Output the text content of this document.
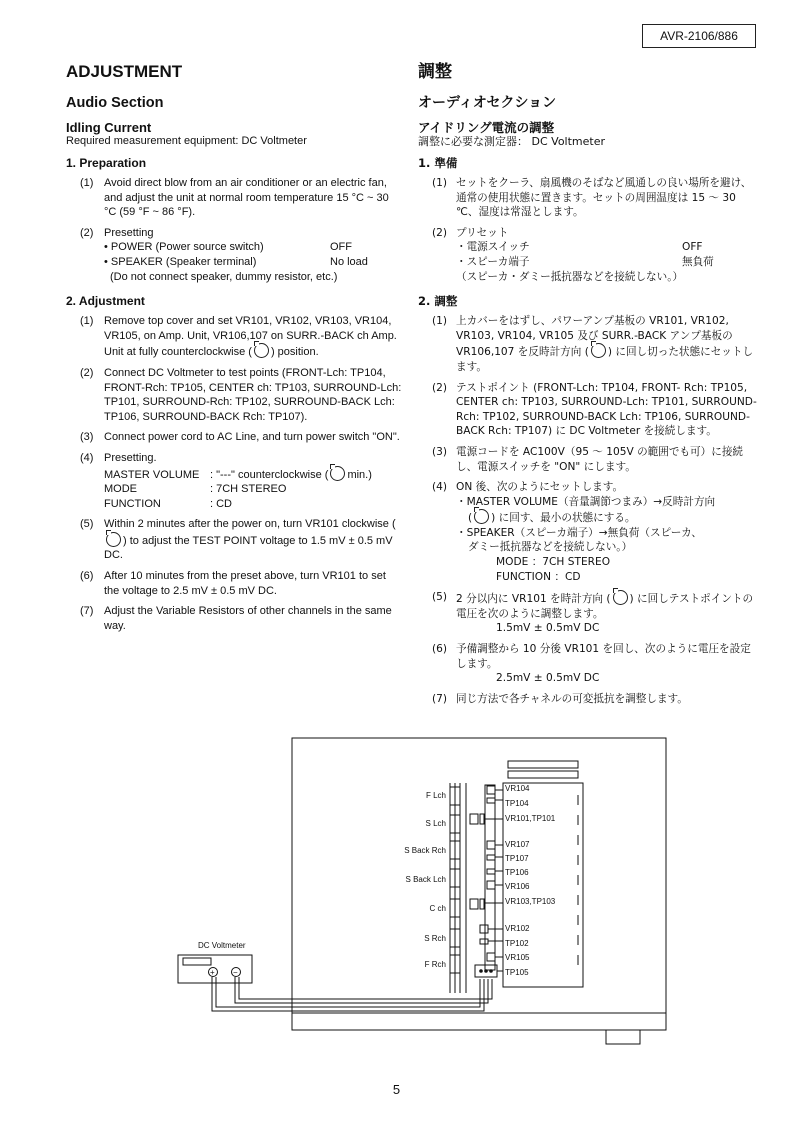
AVR-2106/886
ADJUSTMENT
Audio Section
Idling Current
Required measurement equipment: DC Voltmeter
1. Preparation
(1) Avoid direct blow from an air conditioner or an electric fan, and adjust the unit at normal room temperature 15 °C ~ 30 °C (59 °F ~ 86 °F).
(2) Presetting
• POWER (Power source switch)	OFF
• SPEAKER (Speaker terminal)	No load
(Do not connect speaker, dummy resistor, etc.)
2. Adjustment
(1) Remove top cover and set VR101, VR102, VR103, VR104, VR105, on Amp. Unit, VR106,107 on SURR.-BACK ch Amp. Unit at fully counterclockwise ( ) position.
(2) Connect DC Voltmeter to test points (FRONT-Lch: TP104, FRONT-Rch: TP105, CENTER ch: TP103, SURROUND-Lch: TP101, SURROUND-Rch: TP102, SURROUND-BACK Lch: TP106, SURROUND-BACK Rch: TP107).
(3) Connect power cord to AC Line, and turn power switch "ON".
(4) Presetting.
MASTER VOLUME : "---" counterclockwise ( min.)
MODE	: 7CH STEREO
FUNCTION	: CD
(5) Within 2 minutes after the power on, turn VR101 clockwise () to adjust the TEST POINT voltage to 1.5 mV ± 0.5 mV DC.
(6) After 10 minutes from the preset above, turn VR101 to set the voltage to 2.5 mV ± 0.5 mV DC.
(7) Adjust the Variable Resistors of other channels in the same way.
調整
オーディオセクション
アイドリング電流の調整
調整に必要な測定器： DC Voltmeter
1. 準備
(1) セットをクーラ、扇風機のそばなど風通しの良い場所を避け、通常の使用状態に置きます。セットの周囲温度は 15 ～ 30 ℃、湿度は常湿とします。
(2) プリセット
・電源スイッチ	OFF
・スピーカ端子	無負荷
（スピーカ・ダミー抵抗器などを接続しない。）
2. 調整
(1) 上カバーをはずし、パワーアンプ基板の VR101, VR102, VR103, VR104, VR105 及び SURR.-BACK アンプ基板の VR106,107 を反時計方向 ( ) に回し切った状態にセットします。
(2) テストポイント (FRONT-Lch: TP104, FRONT- Rch: TP105, CENTER ch: TP103, SURROUND-Lch: TP101, SURROUND-Rch: TP102, SURROUND-BACK Lch: TP106, SURROUND-BACK Rch: TP107) に DC Voltmeter を接続します。
(3) 電源コードを AC100V（95 ～ 105V の範囲でも可）に接続し、電源スイッチを "ON" にします。
(4) ON 後、次のようにセットします。
・MASTER VOLUME（音量調節つまみ）→反時計方向
( ) に回す、最小の状態にする。
・SPEAKER（スピーカ端子）→無負荷（スピーカ、
ダミー抵抗器などを接続しない。）
MODE ：7CH STEREO
FUNCTION ：CD
(5) 2 分以内に VR101 を時計方向 ( ) に回しテストポイントの電圧を次のように調整します。
1.5mV ± 0.5mV DC
(6) 予備調整から 10 分後 VR101 を回し、次のように電圧を設定します。
2.5mV ± 0.5mV DC
(7) 同じ方法で各チャネルの可変抵抗を調整します。
DC Voltmeter
+ −
F Lch
S Lch
S Back Rch
S Back Lch
C ch
S Rch
F Rch
VR104
TP104
VR101,TP101
VR107
TP107
TP106
VR106
VR103,TP103
VR102
TP102
VR105
TP105
5
